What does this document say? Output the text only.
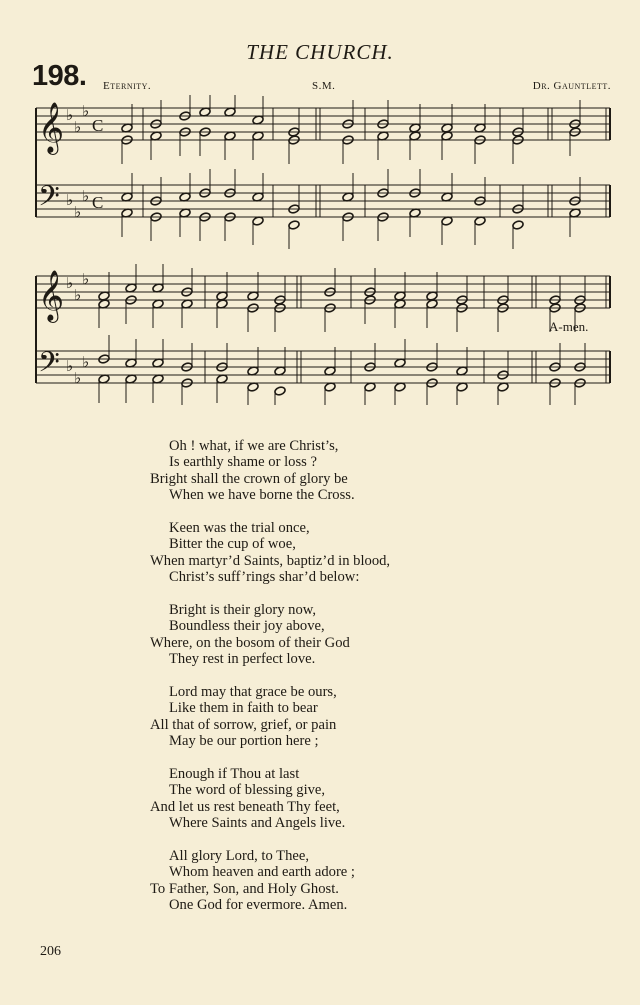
THE CHURCH.
198. Eternity.	S.M.	Dr. Gauntlett.
𝄞
𝄢
♭
♭
♭
♭
♭
♭
C
C
𝄞
𝄢
♭
♭
♭
♭
♭
♭
A-men.
Oh ! what, if we are Christ’s,
Is earthly shame or loss ?
Bright shall the crown of glory be
When we have borne the Cross.
Keen was the trial once,
Bitter the cup of woe,
When martyr’d Saints, baptiz’d in blood,
Christ’s suff’rings shar’d below:
Bright is their glory now,
Boundless their joy above,
Where, on the bosom of their God
They rest in perfect love.
Lord may that grace be ours,
Like them in faith to bear
All that of sorrow, grief, or pain
May be our portion here ;
Enough if Thou at last
The word of blessing give,
And let us rest beneath Thy feet,
Where Saints and Angels live.
All glory Lord, to Thee,
Whom heaven and earth adore ;
To Father, Son, and Holy Ghost.
One God for evermore. Amen.
206
